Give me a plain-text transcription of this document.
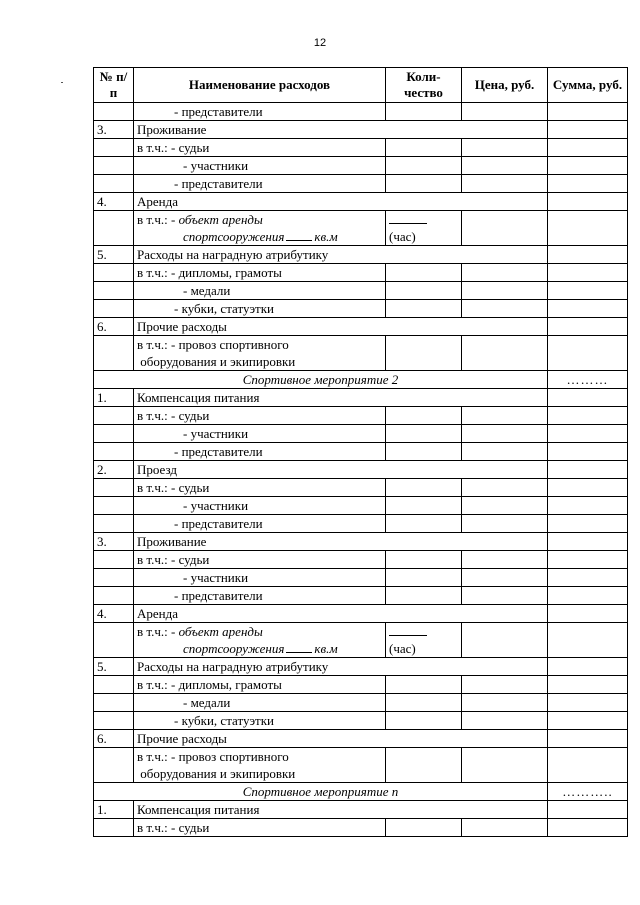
12
№ п/п	Наименование расходов	Коли-чество	Цена, руб.	Сумма, руб.
	- представители			
3.	Проживание			
	в т.ч.: - судьи			
	- участники			
	- представители			
4.	Аренда			
	в т.ч.: - объект аренды
спортсооружения кв.м	(час)		
5.	Расходы на наградную атрибутику			
	в т.ч.: - дипломы, грамоты			
	- медали			
	- кубки, статуэтки			
6.	Прочие расходы			
	в т.ч.: - провоз спортивного
оборудования и экипировки			
Спортивное мероприятие 2				………
1.	Компенсация питания			
	в т.ч.: - судьи			
	- участники			
	- представители			
2.	Проезд			
	в т.ч.: - судьи			
	- участники			
	- представители			
3.	Проживание			
	в т.ч.: - судьи			
	- участники			
	- представители			
4.	Аренда			
	в т.ч.: - объект аренды
спортсооружения кв.м	(час)		
5.	Расходы на наградную атрибутику			
	в т.ч.: - дипломы, грамоты			
	- медали			
	- кубки, статуэтки			
6.	Прочие расходы			
	в т.ч.: - провоз спортивного
оборудования и экипировки			
Спортивное мероприятие n				………..
1.	Компенсация питания			
	в т.ч.: - судьи			
